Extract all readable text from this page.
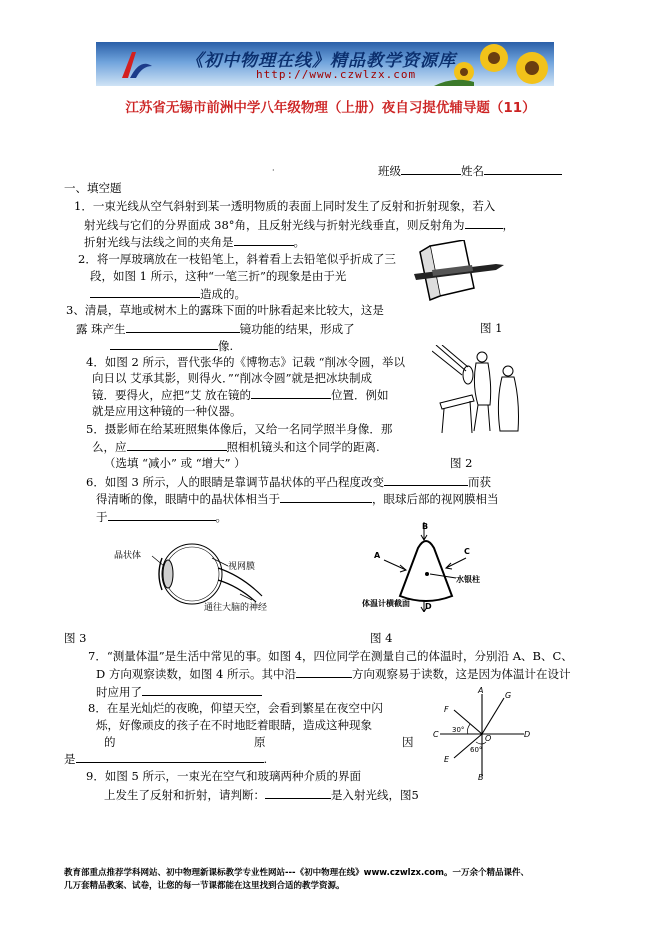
《初中物理在线》精品教学资源库
http://www.czwlzx.com
江苏省无锡市前洲中学八年级物理（上册）夜自习提优辅导题（11）
·	班级	姓名
一、填空题
1．一束光线从空气斜射到某一透明物质的表面上同时发生了反射和折射现象，若入
射光线与它们的分界面成 38°角，且反射光线与折射光线垂直，则反射角为	，
折射光线与法线之间的夹角是	。
2．将一厚玻璃放在一枝铅笔上，斜着看上去铅笔似乎折成了三
段，如图 1 所示，这种“一笔三折”的现象是由于光
造成的。
3、清晨，草地或树木上的露珠下面的叶脉看起来比较大，这是
露 珠产生	镜功能的结果，形成了
像.
图 1
4．如图 2 所示，晋代张华的《博物志》记载 “削冰令圆，举以
向日以 艾承其影，则得火．”“削冰令圆”就是把冰块制成
镜．要得火，应把“艾 放在镜的	位置．例如
就是应用这种镜的一种仪器。
5．摄影师在给某班照集体像后，又给一名同学照半身像．那
么，应	照相机镜头和这个同学的距离.
（选填 “减小” 或 “增大” ）	图 2
6．如图 3 所示，人的眼睛是靠调节晶状体的平凸程度改变	而获
得清晰的像，眼睛中的晶状体相当于	，眼球后部的视网膜相当
于	。
晶状体
视网膜
通往大脑的神经
B
A	C
水银柱
体温计横截面 D
图 3	图 4
7．“测量体温”是生活中常见的事。如图 4，四位同学在测量自己的体温时，分别沿 A、B、C、
D 方向观察读数，如图 4 所示。其中沿	方向观察易于读数，这是因为体温计在设计
时应用了
8．在星光灿烂的夜晚，仰望天空，会看到繁星在夜空中闪
烁，好像顽皮的孩子在不时地眨着眼睛，造成这种现象
的	原	因
是	.
A
G
F
C	D
E
B
O
30°
60°
9．如图 5 所示，一束光在空气和玻璃两种介质的界面
上发生了反射和折射，请判断：	是入射光线，图5
教育部重点推荐学科网站、初中物理新课标教学专业性网站---《初中物理在线》www.czwlzx.com。一万余个精品课件、
几万套精品教案、试卷，让您的每一节课都能在这里找到合适的教学资源。
